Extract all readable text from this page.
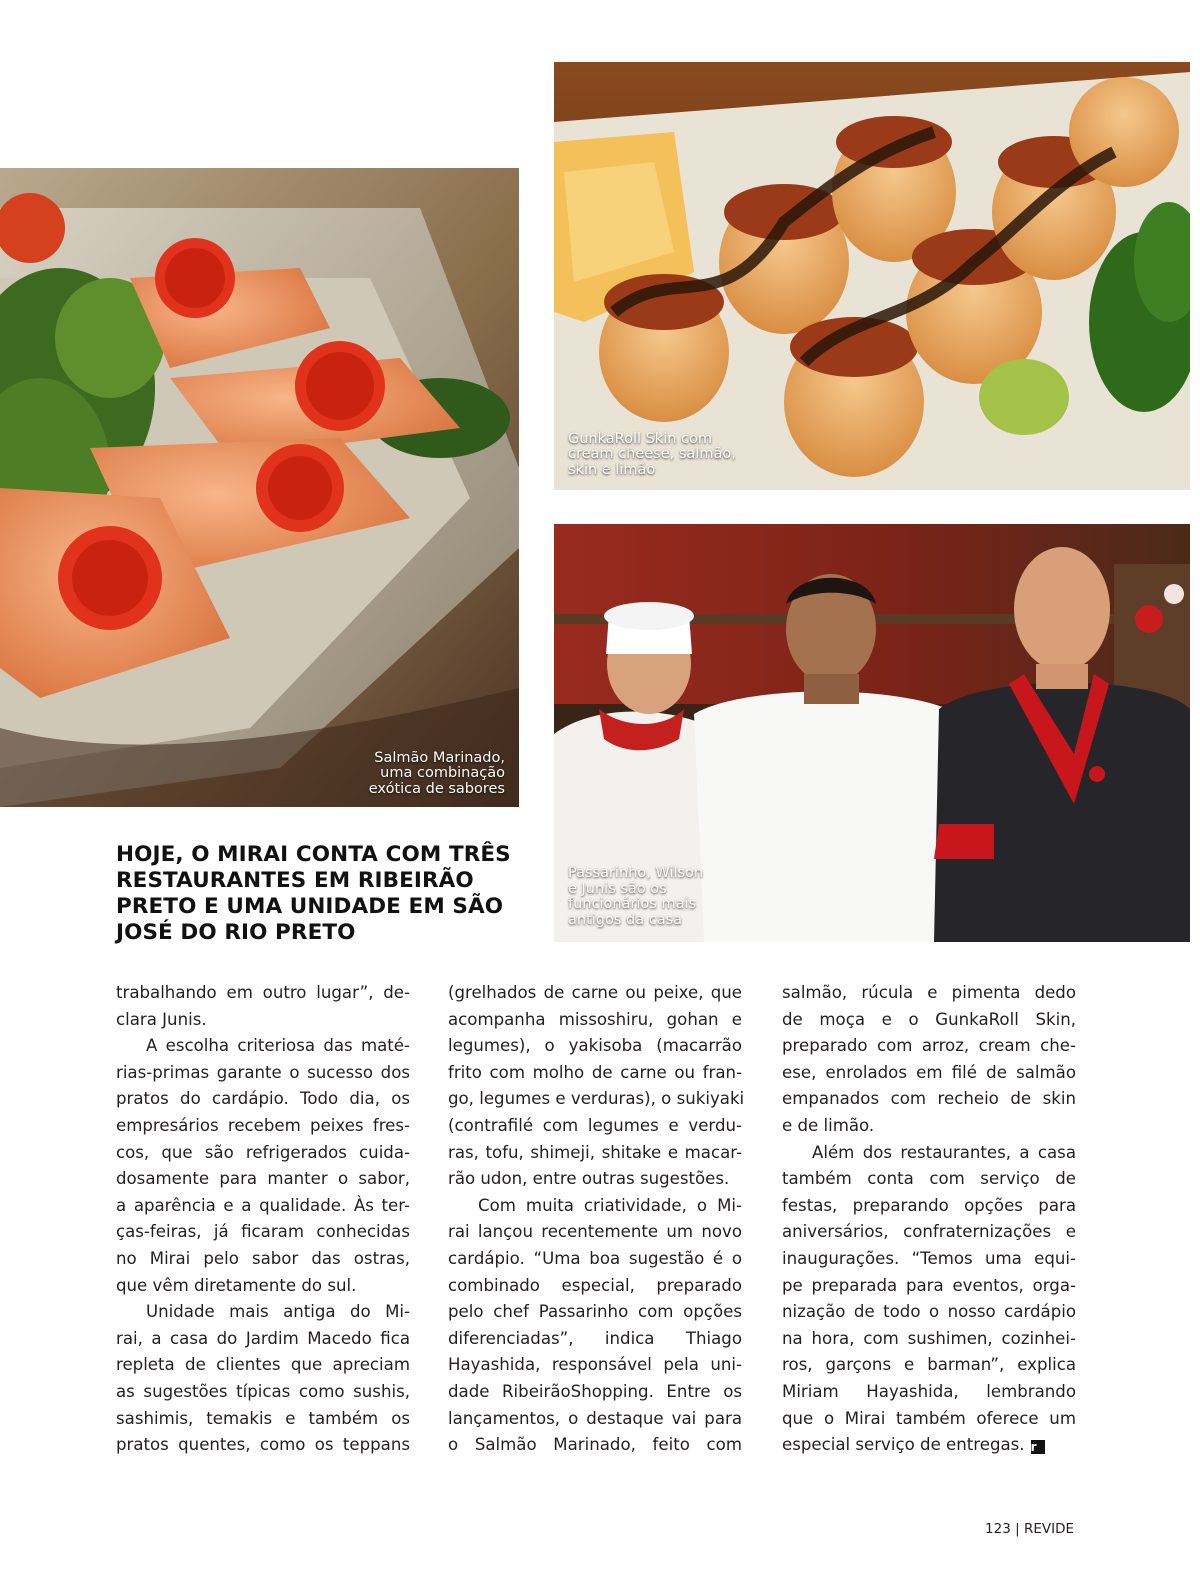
Salmão Marinado,
uma combinação
exótica de sabores

GunkaRoll Skin com
cream cheese, salmão,
skin e limão

Passarinho, Wilson
e Junis são os
funcionários mais
antigos da casa

HOJE, O MIRAI CONTA COM TRÊS
RESTAURANTES EM RIBEIRÃO
PRETO E UMA UNIDADE EM SÃO
JOSÉ DO RIO PRETO
trabalhando em outro lugar”, de-
clara Junis.
A escolha criteriosa das maté-
rias-primas garante o sucesso dos
pratos do cardápio. Todo dia, os
empresários recebem peixes fres-
cos, que são refrigerados cuida-
dosamente para manter o sabor,
a aparência e a qualidade. Às ter-
ças-feiras, já ficaram conhecidas
no Mirai pelo sabor das ostras,
que vêm diretamente do sul.
Unidade mais antiga do Mi-
rai, a casa do Jardim Macedo fica
repleta de clientes que apreciam
as sugestões típicas como sushis,
sashimis, temakis e também os
pratos quentes, como os teppans
(grelhados de carne ou peixe, que
acompanha missoshiru, gohan e
legumes), o yakisoba (macarrão
frito com molho de carne ou fran-
go, legumes e verduras), o sukiyaki
(contrafilé com legumes e verdu-
ras, tofu, shimeji, shitake e macar-
rão udon, entre outras sugestões.
Com muita criatividade, o Mi-
rai lançou recentemente um novo
cardápio. “Uma boa sugestão é o
combinado especial, preparado
pelo chef Passarinho com opções
diferenciadas”, indica Thiago
Hayashida, responsável pela uni-
dade RibeirãoShopping. Entre os
lançamentos, o destaque vai para
o Salmão Marinado, feito com
salmão, rúcula e pimenta dedo
de moça e o GunkaRoll Skin,
preparado com arroz, cream che-
ese, enrolados em filé de salmão
empanados com recheio de skin
e de limão.
Além dos restaurantes, a casa
também conta com serviço de
festas, preparando opções para
aniversários, confraternizações e
inaugurações. “Temos uma equi-
pe preparada para eventos, orga-
nização de todo o nosso cardápio
na hora, com sushimen, cozinhei-
ros, garçons e barman”, explica
Miriam Hayashida, lembrando
que o Mirai também oferece um
especial serviço de entregas. r

123 | REVIDE
